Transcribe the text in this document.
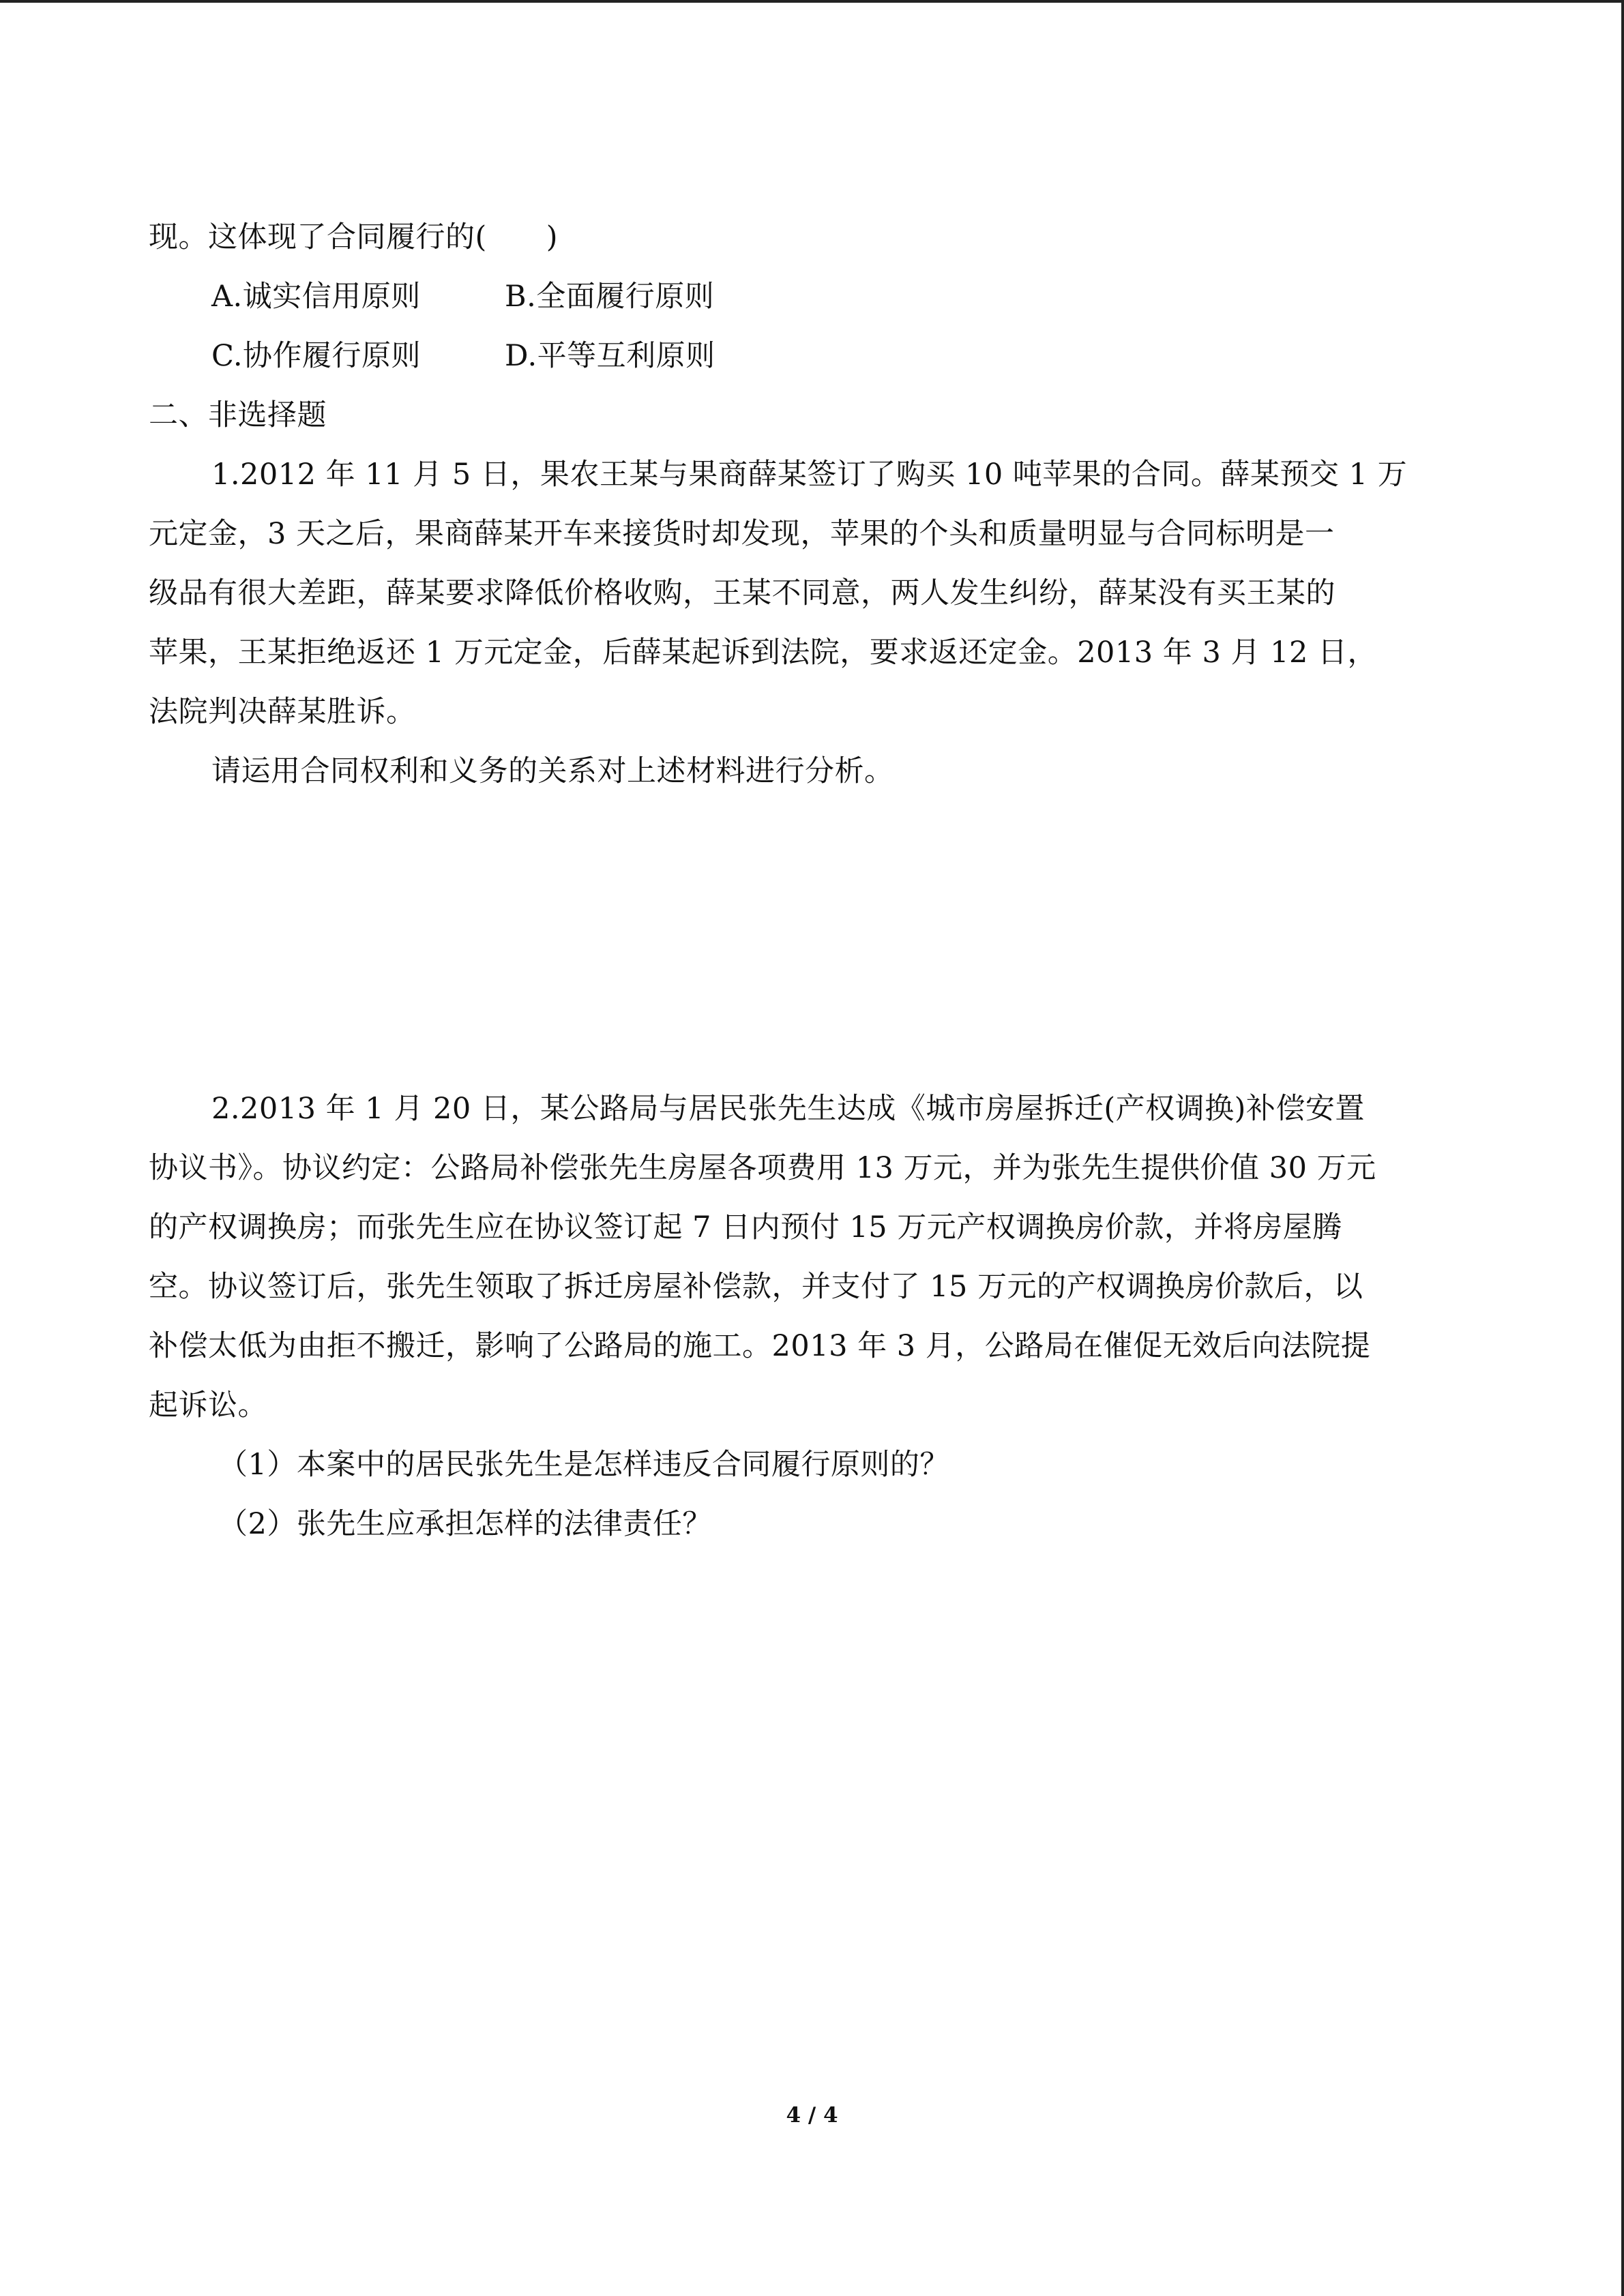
现。这体现了合同履行的(　　)
A.诚实信用原则	B.全面履行原则
C.协作履行原则	D.平等互利原则
二、非选择题
1.2012 年 11 月 5 日，果农王某与果商薛某签订了购买 10 吨苹果的合同。薛某预交 1 万
元定金，3 天之后，果商薛某开车来接货时却发现，苹果的个头和质量明显与合同标明是一
级品有很大差距，薛某要求降低价格收购，王某不同意，两人发生纠纷，薛某没有买王某的
苹果，王某拒绝返还 1 万元定金，后薛某起诉到法院，要求返还定金。2013 年 3 月 12 日，
法院判决薛某胜诉。
请运用合同权利和义务的关系对上述材料进行分析。
2.2013 年 1 月 20 日，某公路局与居民张先生达成《城市房屋拆迁(产权调换)补偿安置
协议书》。协议约定：公路局补偿张先生房屋各项费用 13 万元，并为张先生提供价值 30 万元
的产权调换房；而张先生应在协议签订起 7 日内预付 15 万元产权调换房价款，并将房屋腾
空。协议签订后，张先生领取了拆迁房屋补偿款，并支付了 15 万元的产权调换房价款后，以
补偿太低为由拒不搬迁，影响了公路局的施工。2013 年 3 月，公路局在催促无效后向法院提
起诉讼。
（1）本案中的居民张先生是怎样违反合同履行原则的？
（2）张先生应承担怎样的法律责任？
4 / 4
